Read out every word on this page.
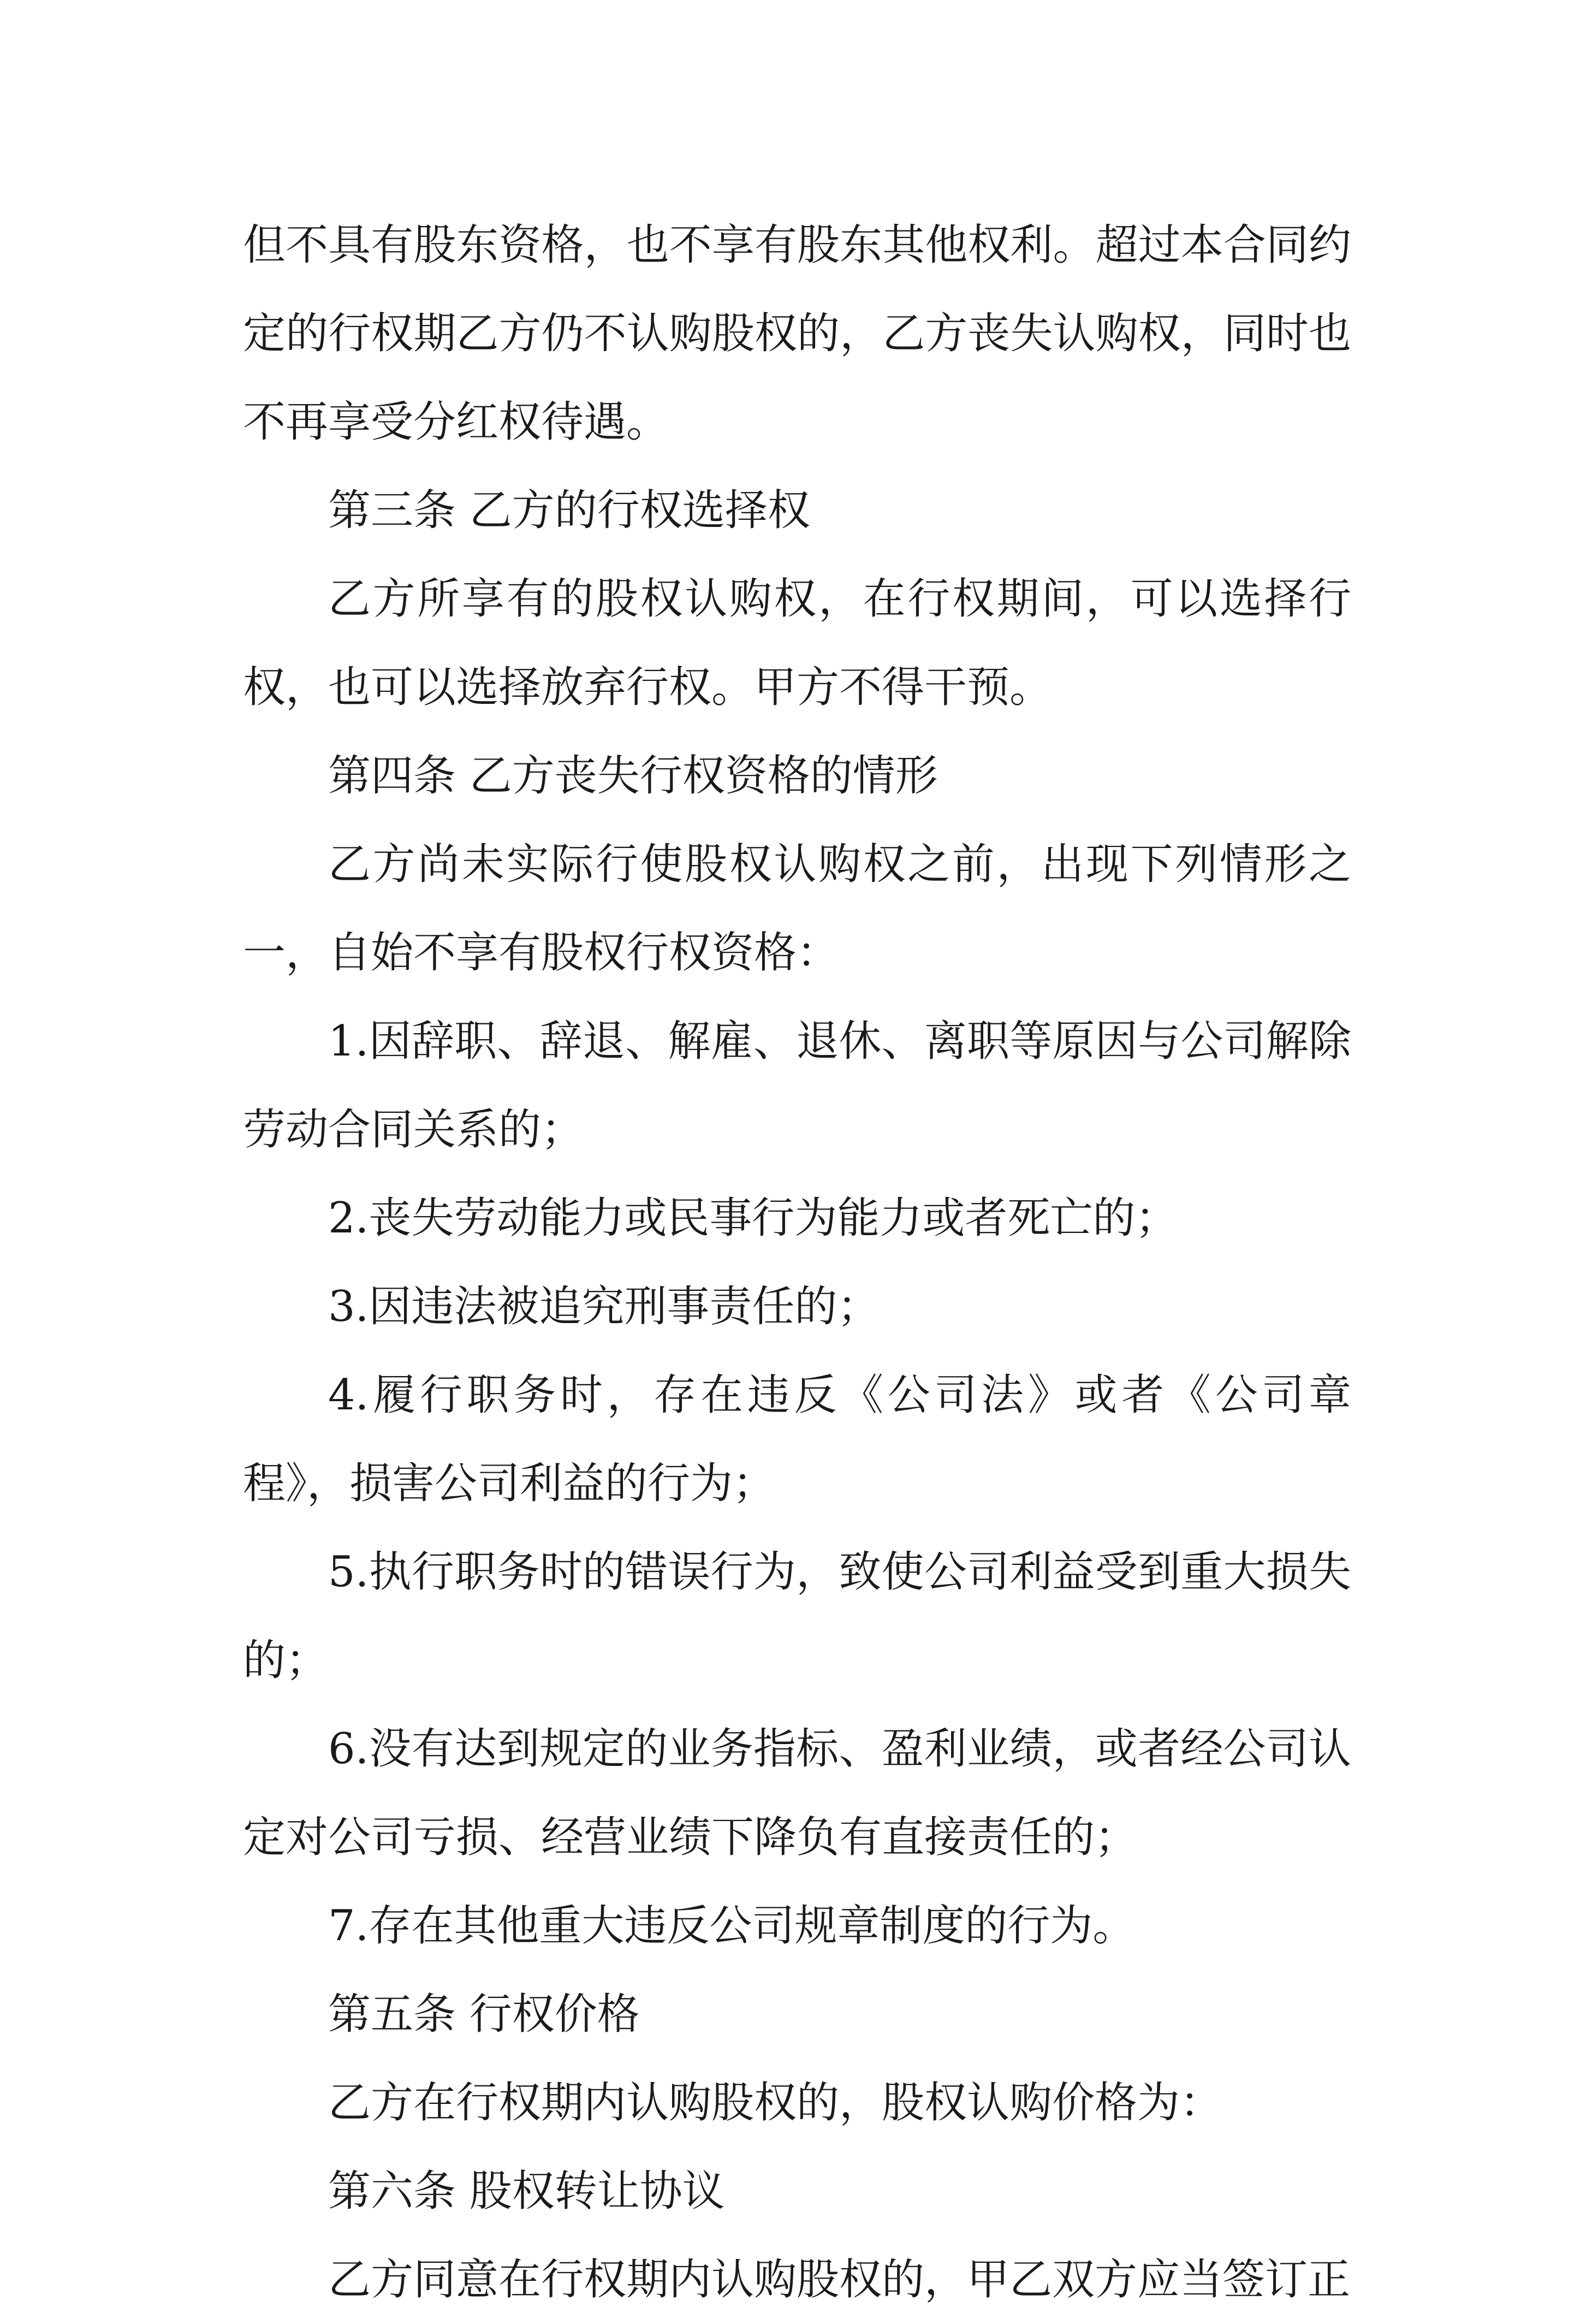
但不具有股东资格，也不享有股东其他权利。超过本合同约定的行权期乙方仍不认购股权的，乙方丧失认购权，同时也不再享受分红权待遇。

第三条 乙方的行权选择权

乙方所享有的股权认购权，在行权期间，可以选择行权，也可以选择放弃行权。甲方不得干预。

第四条 乙方丧失行权资格的情形

乙方尚未实际行使股权认购权之前，出现下列情形之一，自始不享有股权行权资格：

1.因辞职、辞退、解雇、退休、离职等原因与公司解除劳动合同关系的；

2.丧失劳动能力或民事行为能力或者死亡的；

3.因违法被追究刑事责任的；

4.履行职务时，存在违反《公司法》或者《公司章程》，损害公司利益的行为；

5.执行职务时的错误行为，致使公司利益受到重大损失的；

6.没有达到规定的业务指标、盈利业绩，或者经公司认定对公司亏损、经营业绩下降负有直接责任的；

7.存在其他重大违反公司规章制度的行为。

第五条 行权价格

乙方在行权期内认购股权的，股权认购价格为：

第六条 股权转让协议

乙方同意在行权期内认购股权的，甲乙双方应当签订正
